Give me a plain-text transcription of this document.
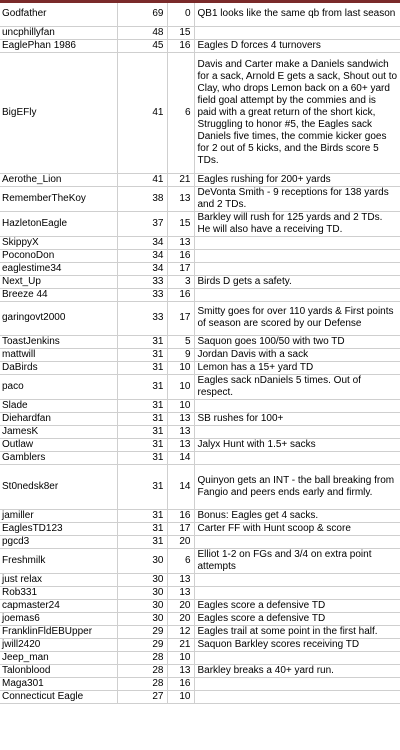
Godfather	69	0	QB1 looks like the same qb from last season
uncphillyfan	48	15	
EaglePhan 1986	45	16	Eagles D forces 4 turnovers
BigEFly	41	6	Davis and Carter make a Daniels sandwich for a sack, Arnold E gets a sack, Shout out to Clay, who drops Lemon back on a 60+ yard field goal attempt by the commies and is paid with a great return of the short kick, Struggling to honor #5, the Eagles sack Daniels five times, the commie kicker goes for 2 out of 5 kicks, and the Birds score 5 TDs.
Aerothe_Lion	41	21	Eagles rushing for 200+ yards
RememberTheKoy	38	13	DeVonta Smith - 9 receptions for 138 yards and 2 TDs.
HazletonEagle	37	15	Barkley will rush for 125 yards and 2 TDs. He will also have a receiving TD.
SkippyX	34	13	
PoconoDon	34	16	
eaglestime34	34	17	
Next_Up	33	3	Birds D gets a safety.
Breeze 44	33	16	
garingovt2000	33	17	Smitty goes for over 110 yards & First points of season are scored by our Defense
ToastJenkins	31	5	Saquon goes 100/50 with two TD
mattwill	31	9	Jordan Davis with a sack
DaBirds	31	10	Lemon has a 15+ yard TD
paco	31	10	Eagles sack nDaniels 5 times. Out of respect.
Slade	31	10	
Diehardfan	31	13	SB rushes for 100+
JamesK	31	13	
Outlaw	31	13	Jalyx Hunt with 1.5+ sacks
Gamblers	31	14	
St0nedsk8er	31	14	Quinyon gets an INT - the ball breaking from Fangio and peers ends early and firmly.
jamiller	31	16	Bonus: Eagles get 4 sacks.
EaglesTD123	31	17	Carter FF with Hunt scoop & score
pgcd3	31	20	
Freshmilk	30	6	Elliot 1-2 on FGs and 3/4 on extra point attempts
just relax	30	13	
Rob331	30	13	
capmaster24	30	20	Eagles score a defensive TD
joemas6	30	20	Eagles score a defensive TD
FranklinFldEBUpper	29	12	Eagles trail at some point in the first half.
jwill2420	29	21	Saquon Barkley scores receiving TD
Jeep_man	28	10	
Talonblood	28	13	Barkley breaks a 40+ yard run.
Maga301	28	16	
Connecticut Eagle	27	10	
